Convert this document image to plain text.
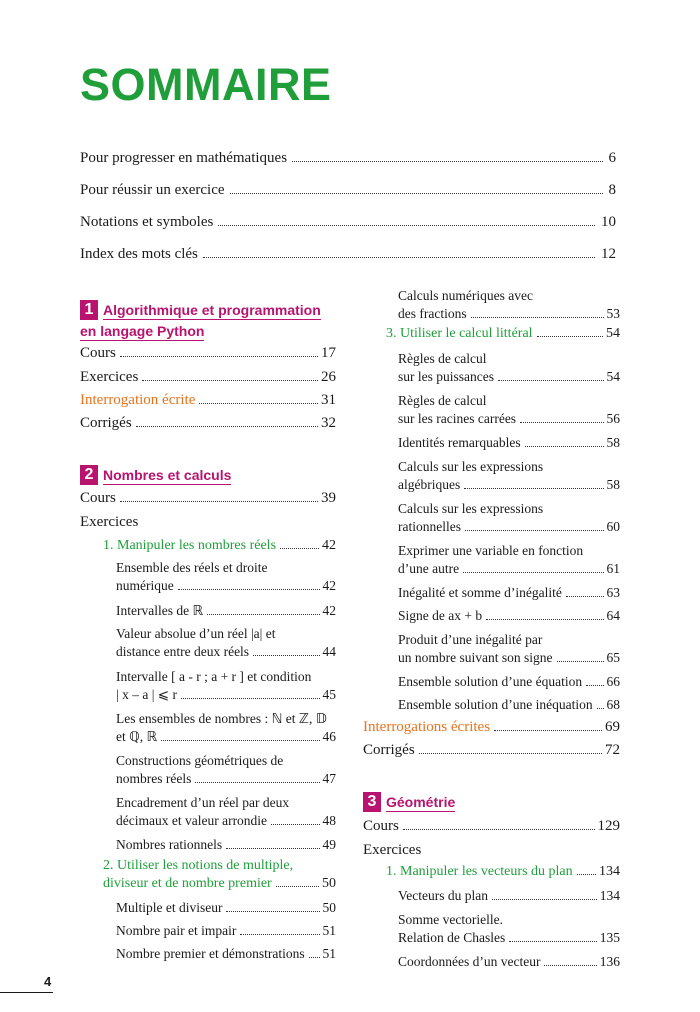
SOMMAIRE
Pour progresser en mathématiques	6
Pour réussir un exercice	8
Notations et symboles	10
Index des mots clés	12
1 Algorithmique et programmation
en langage Python
Cours	17
Exercices	26
Interrogation écrite	31
Corrigés	32
2 Nombres et calculs
Cours	39
Exercices
1. Manipuler les nombres réels	42
Ensemble des réels et droite
numérique	42
Intervalles de ℝ	42
Valeur absolue d’un réel |a| et
distance entre deux réels	44
Intervalle [ a - r ; a + r ] et condition
| x – a | ⩽ r	45
Les ensembles de nombres : ℕ et ℤ, 𝔻
et ℚ, ℝ	46
Constructions géométriques de
nombres réels	47
Encadrement d’un réel par deux
décimaux et valeur arrondie	48
Nombres rationnels	49
2. Utiliser les notions de multiple,
diviseur et de nombre premier	50
Multiple et diviseur	50
Nombre pair et impair	51
Nombre premier et démonstrations 51
Calculs numériques avec
des fractions	53
3. Utiliser le calcul littéral	54
Règles de calcul
sur les puissances	54
Règles de calcul
sur les racines carrées	56
Identités remarquables	58
Calculs sur les expressions
algébriques	58
Calculs sur les expressions
rationnelles	60
Exprimer une variable en fonction
d’une autre	61
Inégalité et somme d’inégalité	63
Signe de ax + b	64
Produit d’une inégalité par
un nombre suivant son signe	65
Ensemble solution d’une équation 66
Ensemble solution d’une inéquation 68
Interrogations écrites	69
Corrigés	72
3 Géométrie
Cours	129
Exercices
1. Manipuler les vecteurs du plan 134
Vecteurs du plan	134
Somme vectorielle.
Relation de Chasles	135
Coordonnées d’un vecteur	136
4
